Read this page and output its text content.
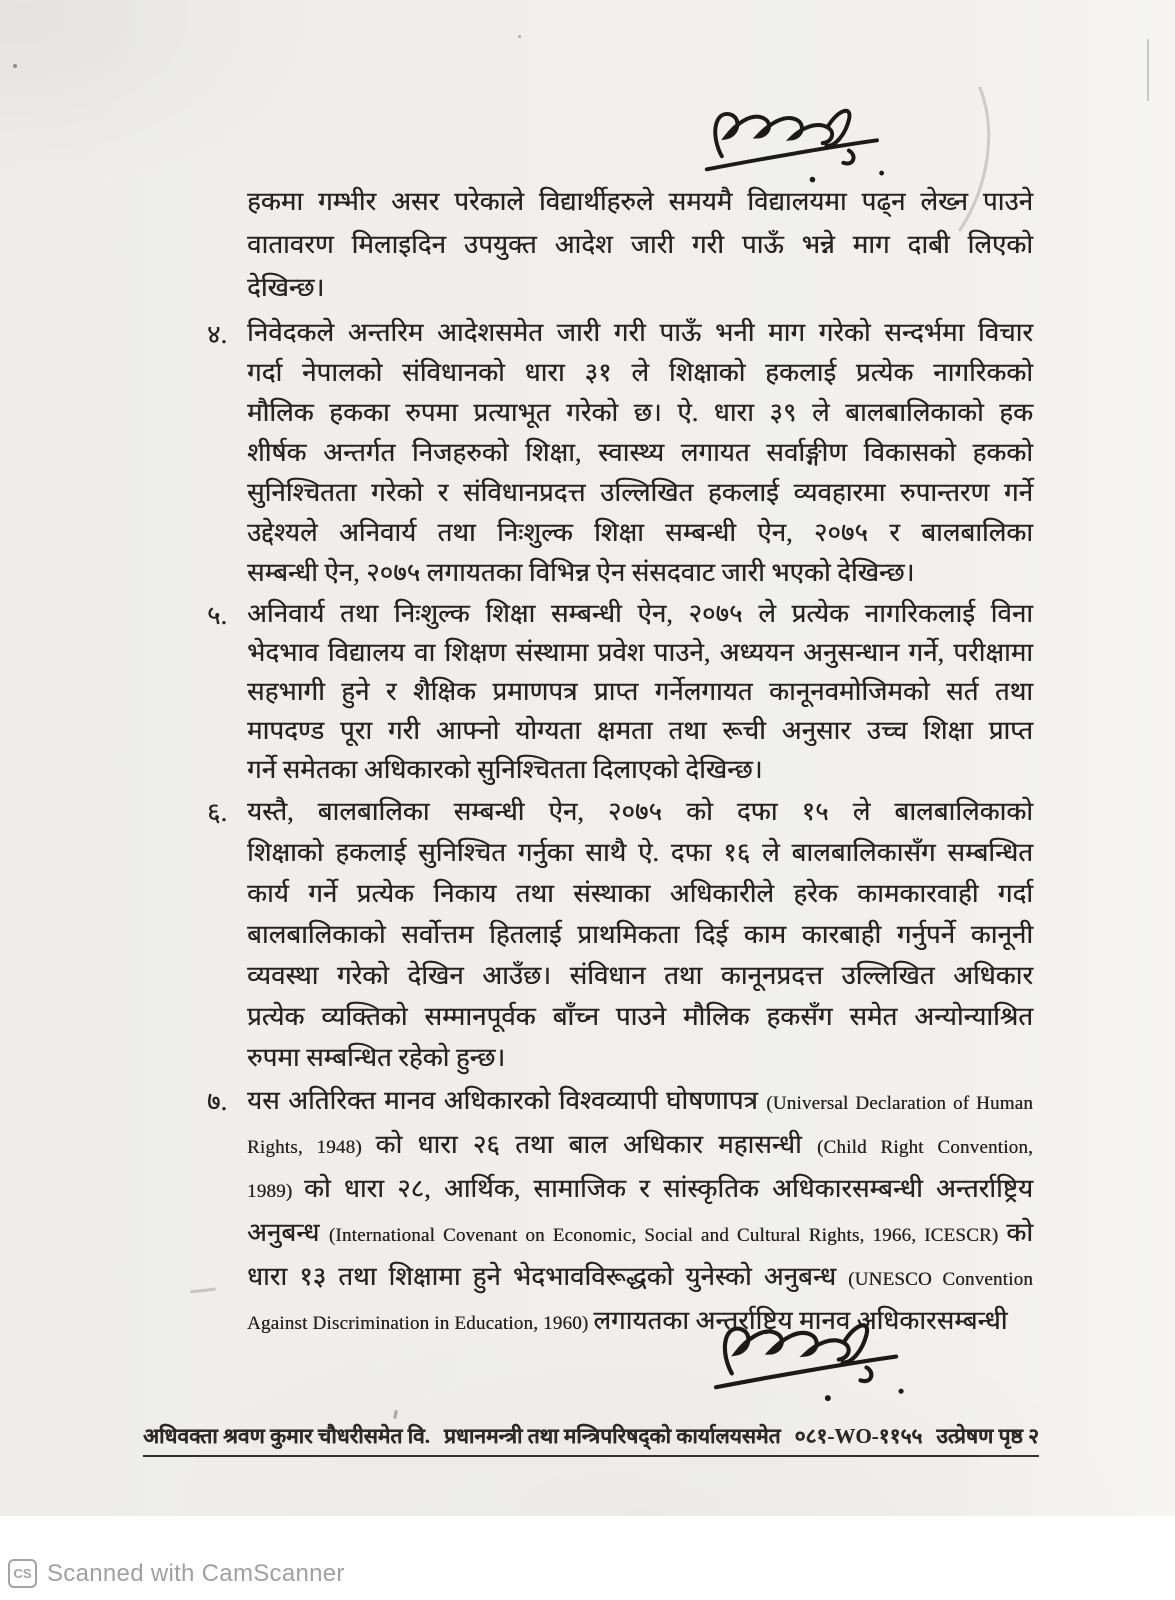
हकमा गम्भीर असर परेकाले विद्यार्थीहरुले समयमै विद्यालयमा पढ्न लेख्न पाउने
वातावरण मिलाइदिन उपयुक्त आदेश जारी गरी पाऊँ भन्ने माग दाबी लिएको
देखिन्छ।
४. निवेदकले अन्तरिम आदेशसमेत जारी गरी पाऊँ भनी माग गरेको सन्दर्भमा विचार
गर्दा नेपालको संविधानको धारा ३१ ले शिक्षाको हकलाई प्रत्येक नागरिकको
मौलिक हकका रुपमा प्रत्याभूत गरेको छ। ऐ. धारा ३९ ले बालबालिकाको हक
शीर्षक अन्तर्गत निजहरुको शिक्षा, स्वास्थ्य लगायत सर्वाङ्गीण विकासको हकको
सुनिश्चितता गरेको र संविधानप्रदत्त उल्लिखित हकलाई व्यवहारमा रुपान्तरण गर्ने
उद्देश्यले अनिवार्य तथा निःशुल्क शिक्षा सम्बन्धी ऐन, २०७५ र बालबालिका
सम्बन्धी ऐन, २०७५ लगायतका विभिन्न ऐन संसदवाट जारी भएको देखिन्छ।
५. अनिवार्य तथा निःशुल्क शिक्षा सम्बन्धी ऐन, २०७५ ले प्रत्येक नागरिकलाई विना
भेदभाव विद्यालय वा शिक्षण संस्थामा प्रवेश पाउने, अध्ययन अनुसन्धान गर्ने, परीक्षामा
सहभागी हुने र शैक्षिक प्रमाणपत्र प्राप्त गर्नेलगायत कानूनवमोजिमको सर्त तथा
मापदण्ड पूरा गरी आफ्नो योग्यता क्षमता तथा रूची अनुसार उच्च शिक्षा प्राप्त
गर्ने समेतका अधिकारको सुनिश्चितता दिलाएको देखिन्छ।
६. यस्तै, बालबालिका सम्बन्धी ऐन, २०७५ को दफा १५ ले बालबालिकाको
शिक्षाको हकलाई सुनिश्चित गर्नुका साथै ऐ. दफा १६ ले बालबालिकासँग सम्बन्धित
कार्य गर्ने प्रत्येक निकाय तथा संस्थाका अधिकारीले हरेक कामकारवाही गर्दा
बालबालिकाको सर्वोत्तम हितलाई प्राथमिकता दिई काम कारबाही गर्नुपर्ने कानूनी
व्यवस्था गरेको देखिन आउँछ। संविधान तथा कानूनप्रदत्त उल्लिखित अधिकार
प्रत्येक व्यक्तिको सम्मानपूर्वक बाँच्न पाउने मौलिक हकसँग समेत अन्योन्याश्रित
रुपमा सम्बन्धित रहेको हुन्छ।
७. यस अतिरिक्त मानव अधिकारको विश्वव्यापी घोषणापत्र (Universal Declaration of Human
Rights, 1948) को धारा २६ तथा बाल अधिकार महासन्धी (Child Right Convention,
1989) को धारा २८, आर्थिक, सामाजिक र सांस्कृतिक अधिकारसम्बन्धी अन्तर्राष्ट्रिय
अनुबन्ध (International Covenant on Economic, Social and Cultural Rights, 1966, ICESCR) को
धारा १३ तथा शिक्षामा हुने भेदभावविरूद्धको युनेस्को अनुबन्ध (UNESCO Convention
Against Discrimination in Education, 1960) लगायतका अन्तर्राष्ट्रिय मानव अधिकारसम्बन्धी
अधिवक्ता श्रवण कुमार चौधरीसमेत वि. प्रधानमन्त्री तथा मन्त्रिपरिषद्को कार्यालयसमेत ०८१-WO-११५५ उत्प्रेषण पृष्ठ २
CS Scanned with CamScanner
